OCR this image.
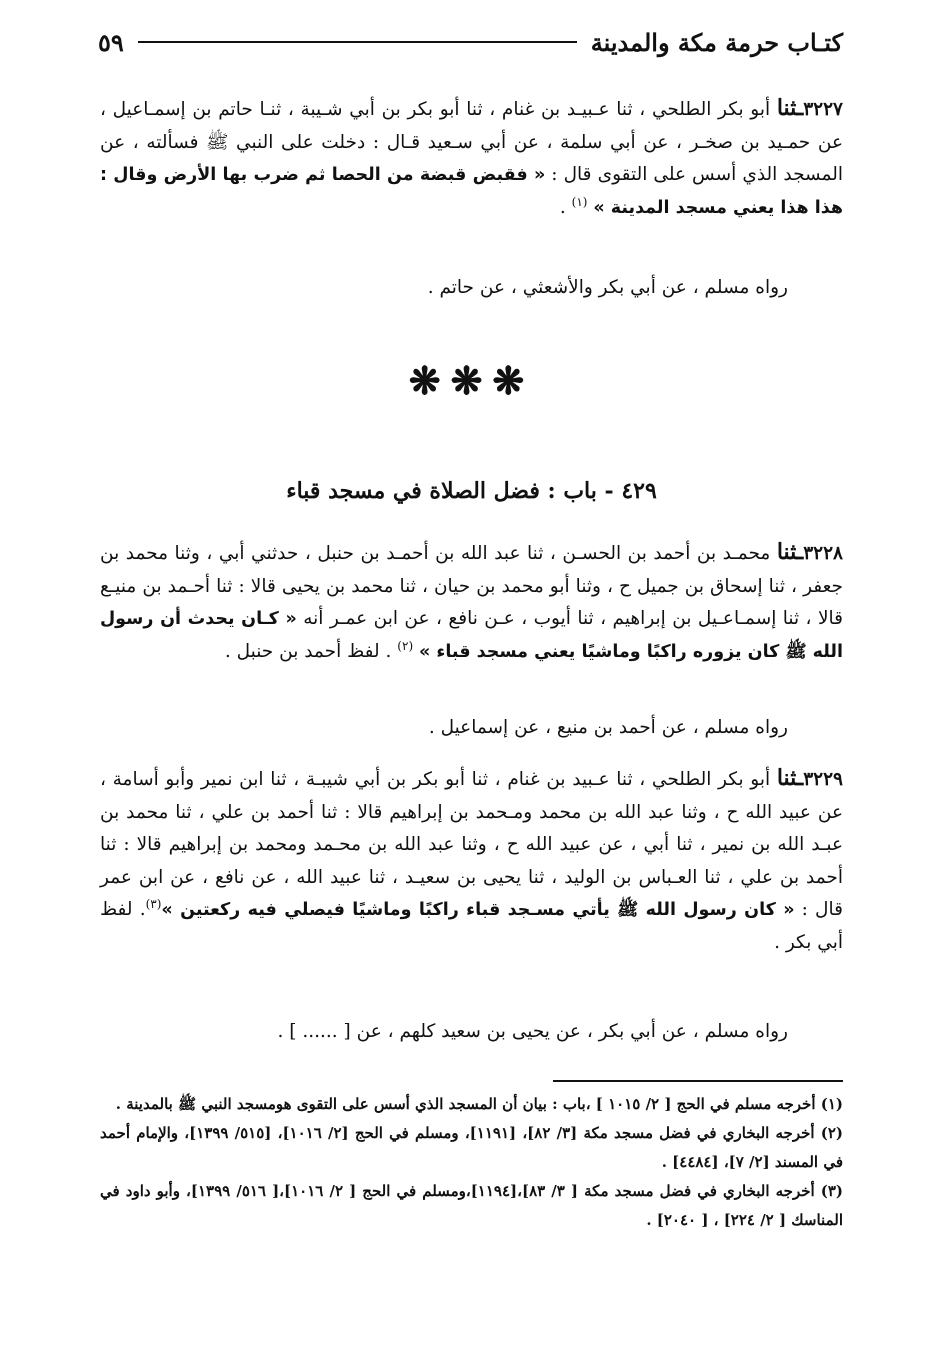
كتـاب حرمة مكة والمدينة
٥٩
٣٢٢٧ـثنا أبو بكر الطلحي ، ثنا عـبيـد بن غنام ، ثنا أبو بكر بن أبي شـيبة ، ثنـا حاتم بن إسمـاعيل ، عن حمـيد بن صخـر ، عن أبي سلمة ، عن أبي سـعيد قـال : دخلت على النبي ﷺ فسألته ، عن المسجد الذي أسس على التقوى قال : « فقبض قبضة من الحصا ثم ضرب بها الأرض وقال : هذا هذا يعني مسجد المدينة » $^{(١)}$ .
رواه مسلم ، عن أبي بكر والأشعثي ، عن حاتم .
❋❋❋
٤٢٩ - باب : فضل الصلاة في مسجد قباء
٣٢٢٨ـثنا محمـد بن أحمد بن الحسـن ، ثنا عبد الله بن أحمـد بن حنبل ، حدثني أبي ، وثنا محمد بن جعفر ، ثنا إسحاق بن جميل ح ، وثنا أبو محمد بن حيان ، ثنا محمد بن يحيى قالا : ثنا أحـمد بن منيـع قالا ، ثنا إسمـاعـيل بن إبراهيم ، ثنا أيوب ، عـن نافع ، عن ابن عمـر أنه « كـان يحدث أن رسول الله ﷺ كان يزوره راكبًا وماشيًا يعني مسجد قباء » $^{(٢)}$ . لفظ أحمد بن حنبل .
رواه مسلم ، عن أحمد بن منيع ، عن إسماعيل .
٣٢٢٩ـثنا أبو بكر الطلحي ، ثنا عـبيد بن غنام ، ثنا أبو بكر بن أبي شيبـة ، ثنا ابن نمير وأبو أسامة ، عن عبيد الله ح ، وثنا عبد الله بن محمد ومـحمد بن إبراهيم قالا : ثنا أحمد بن علي ، ثنا محمد بن عبـد الله بن نمير ، ثنا أبي ، عن عبيد الله ح ، وثنا عبد الله بن محـمد ومحمد بن إبراهيم قالا : ثنا أحمد بن علي ، ثنا العـباس بن الوليد ، ثنا يحيى بن سعيـد ، ثنا عبيد الله ، عن نافع ، عن ابن عمر قال : « كان رسول الله ﷺ يأتي مسـجد قباء راكبًا وماشيًا فيصلي فيه ركعتين »$^{(٣)}$. لفظ أبي بكر .
رواه مسلم ، عن أبي بكر ، عن يحيى بن سعيد كلهم ، عن [ ...... ] .

(١) أخرجه مسلم في الحج [ ٢/ ١٠١٥ ] ،باب : بيان أن المسجد الذي أسس على التقوى هومسجد النبي ﷺ بالمدينة .

(٢) أخرجه البخاري في فضل مسجد مكة [٣/ ٨٢]، [١١٩١]، ومسلم في الحج [٢/ ١٠١٦]، [٥١٥/ ١٣٩٩]، والإمام أحمد في المسند [٢/ ٧]، [٤٤٨٤] .

(٣) أخرجه البخاري في فضل مسجد مكة [ ٣/ ٨٣]،[١١٩٤]،ومسلم في الحج [ ٢/ ١٠١٦]،[ ٥١٦/ ١٣٩٩]، وأبو داود في المناسك [ ٢/ ٢٢٤] ، [ ٢٠٤٠] .
